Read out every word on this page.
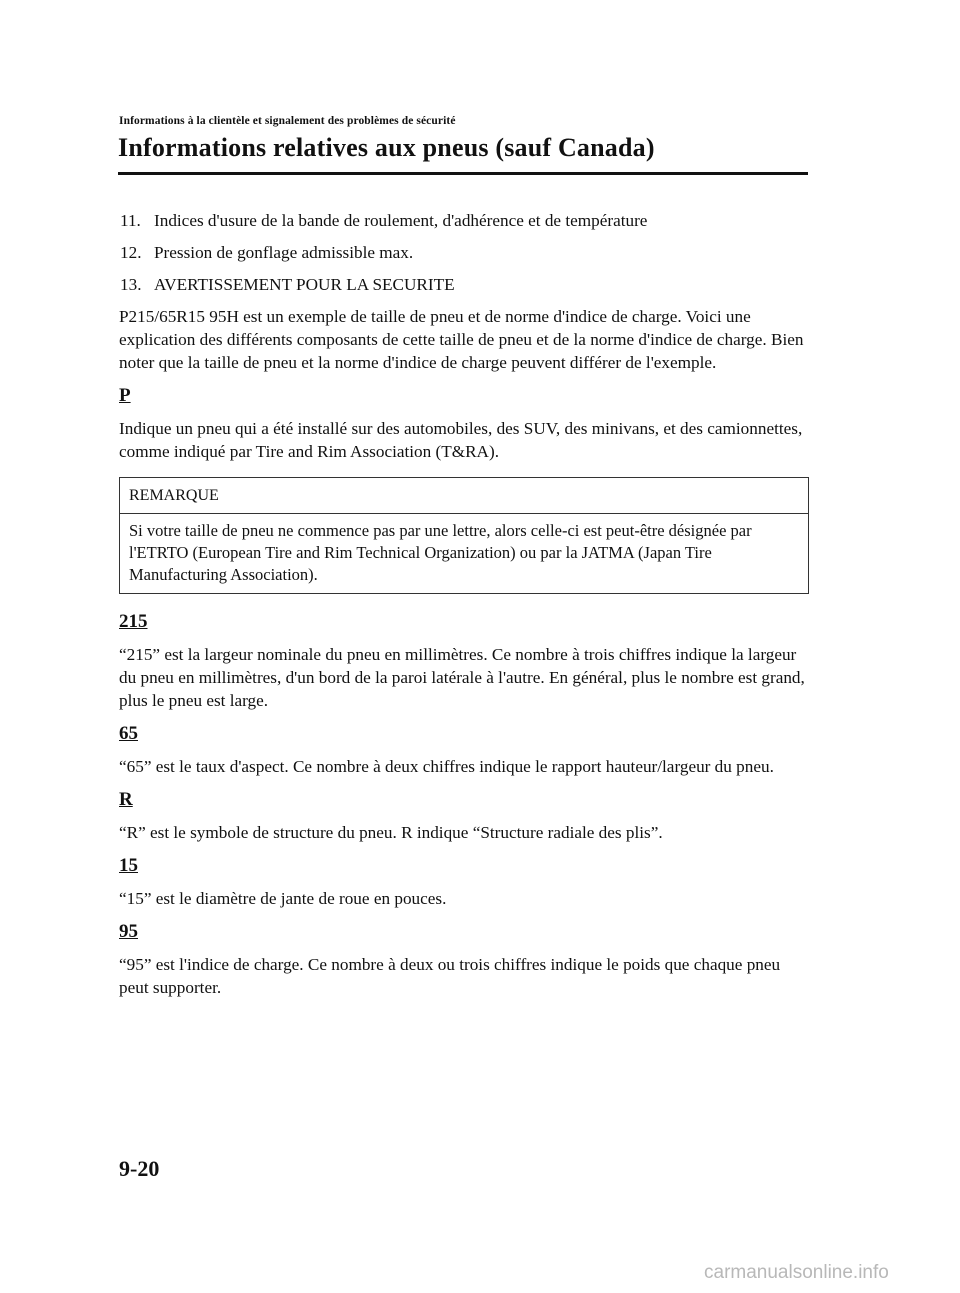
Informations à la clientèle et signalement des problèmes de sécurité
Informations relatives aux pneus (sauf Canada)
11. Indices d'usure de la bande de roulement, d'adhérence et de température
12. Pression de gonflage admissible max.
13. AVERTISSEMENT POUR LA SECURITE

P215/65R15 95H est un exemple de taille de pneu et de norme d'indice de charge. Voici une explication des différents composants de cette taille de pneu et de la norme d'indice de charge. Bien noter que la taille de pneu et la norme d'indice de charge peuvent différer de l'exemple.

P

Indique un pneu qui a été installé sur des automobiles, des SUV, des minivans, et des camionnettes, comme indiqué par Tire and Rim Association (T&RA).

REMARQUE
Si votre taille de pneu ne commence pas par une lettre, alors celle-ci est peut-être désignée par l'ETRTO (European Tire and Rim Technical Organization) ou par la JATMA (Japan Tire Manufacturing Association).
215

“215” est la largeur nominale du pneu en millimètres. Ce nombre à trois chiffres indique la largeur du pneu en millimètres, d'un bord de la paroi latérale à l'autre. En général, plus le nombre est grand, plus le pneu est large.

65

“65” est le taux d'aspect. Ce nombre à deux chiffres indique le rapport hauteur/largeur du pneu.

R

“R” est le symbole de structure du pneu. R indique “Structure radiale des plis”.

15

“15” est le diamètre de jante de roue en pouces.

95

“95” est l'indice de charge. Ce nombre à deux ou trois chiffres indique le poids que chaque pneu peut supporter.

9-20
carmanualsonline.info
